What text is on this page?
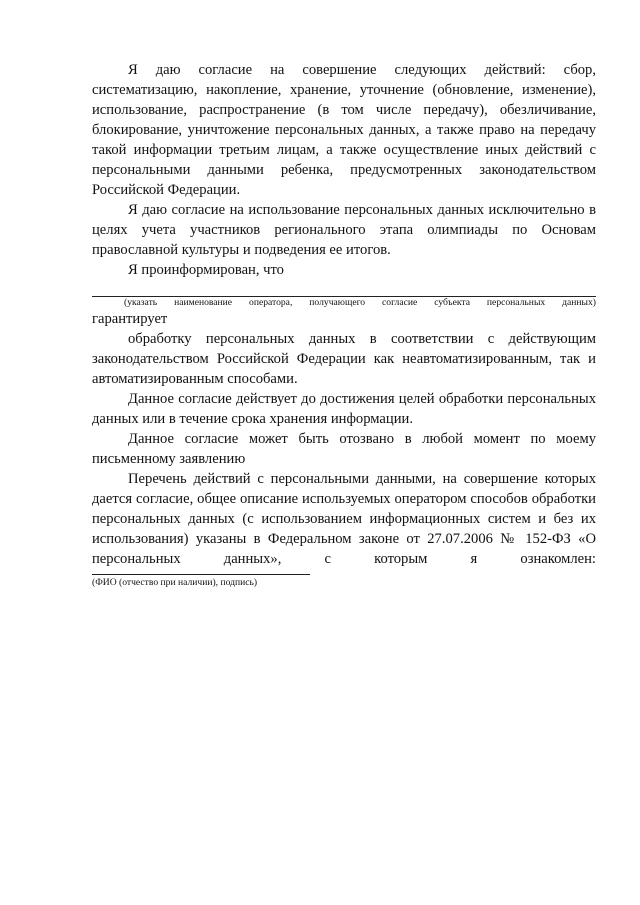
Я даю согласие на совершение следующих действий: сбор, систематизацию, накопление, хранение, уточнение (обновление, изменение), использование, распространение (в том числе передачу), обезличивание, блокирование, уничтожение персональных данных, а также право на передачу такой информации третьим лицам, а также осуществление иных действий с персональными данными ребенка, предусмотренных законодательством Российской Федерации.

Я даю согласие на использование персональных данных исключительно в целях учета участников регионального этапа олимпиады по Основам православной культуры и подведения ее итогов.

Я проинформирован, что

(указать наименование оператора, получающего согласие субъекта персональных данных)

гарантирует

обработку персональных данных в соответствии с действующим законодательством Российской Федерации как неавтоматизированным, так и автоматизированным способами.

Данное согласие действует до достижения целей обработки персональных данных или в течение срока хранения информации.

Данное согласие может быть отозвано в любой момент по моему письменному заявлению

Перечень действий с персональными данными, на совершение которых дается согласие, общее описание используемых оператором способов обработки персональных данных (с использованием информационных систем и без их использования) указаны в Федеральном законе от 27.07.2006 № 152-ФЗ «О персональных данных», с которым я ознакомлен:

(ФИО (отчество при наличии), подпись)
